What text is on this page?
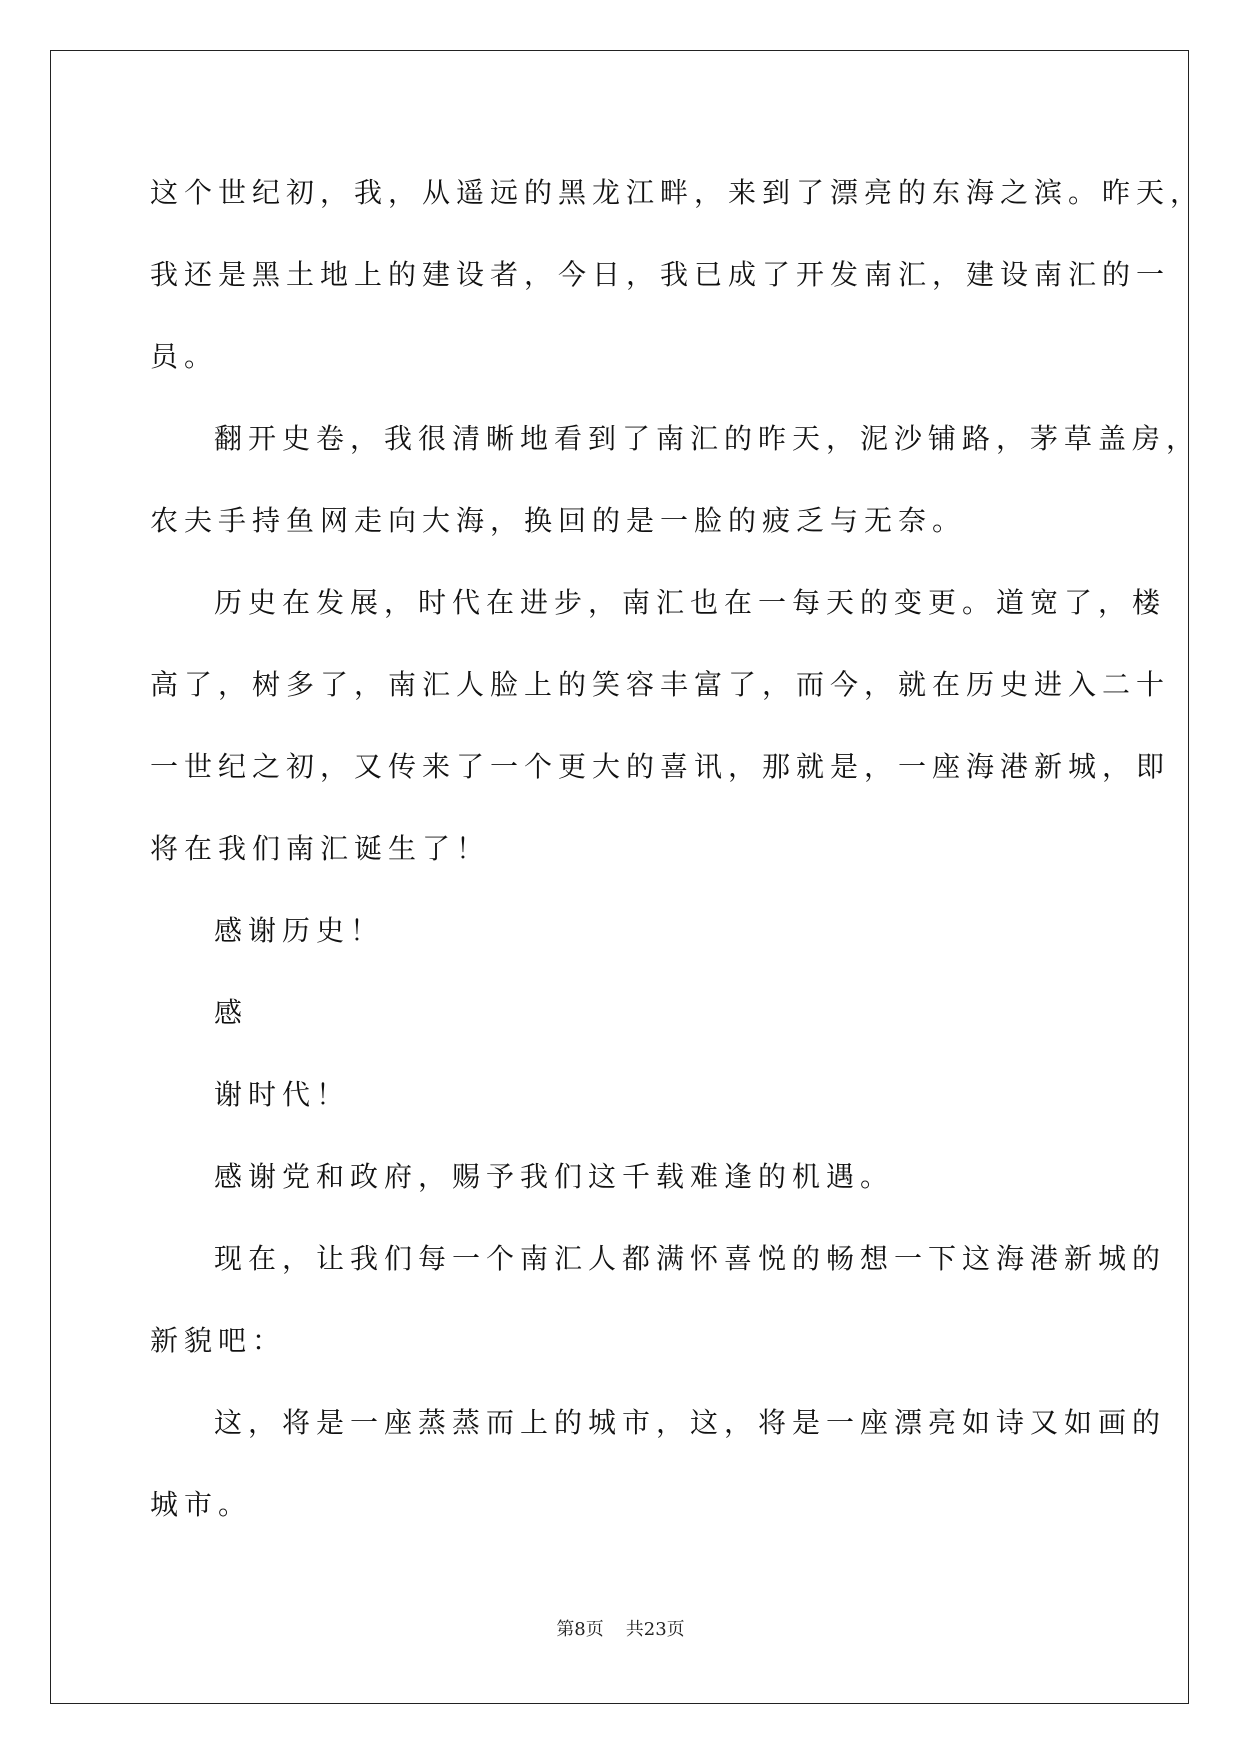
这个世纪初，我，从遥远的黑龙江畔，来到了漂亮的东海之滨。昨天，
我还是黑土地上的建设者，今日，我已成了开发南汇，建设南汇的一
员。
翻开史卷，我很清晰地看到了南汇的昨天，泥沙铺路，茅草盖房，
农夫手持鱼网走向大海，换回的是一脸的疲乏与无奈。
历史在发展，时代在进步，南汇也在一每天的变更。道宽了，楼
高了，树多了，南汇人脸上的笑容丰富了，而今，就在历史进入二十
一世纪之初，又传来了一个更大的喜讯，那就是，一座海港新城，即
将在我们南汇诞生了！
感谢历史！
感
谢时代！
感谢党和政府，赐予我们这千载难逢的机遇。
现在，让我们每一个南汇人都满怀喜悦的畅想一下这海港新城的
新貌吧：
这，将是一座蒸蒸而上的城市，这，将是一座漂亮如诗又如画的
城市。
第8页 共23页
